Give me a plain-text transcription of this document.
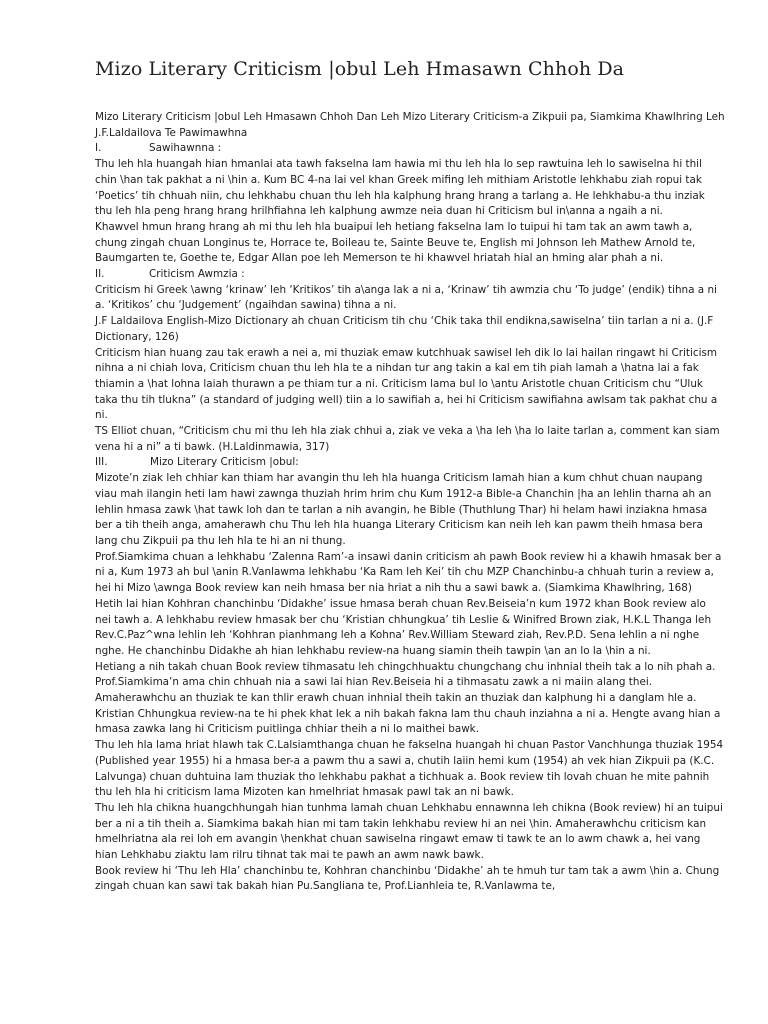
Mizo Literary Criticism |obul Leh Hmasawn Chhoh Da

Mizo Literary Criticism |obul Leh Hmasawn Chhoh Dan Leh Mizo Literary Criticism-a Zikpuii pa, Siamkima Khawlhring Leh J.F.Laldailova Te Pawimawhna

I.	Sawihawnna :

Thu leh hla huangah hian hmanlai ata tawh fakselna lam hawia mi thu leh hla lo sep rawtuina leh lo sawiselna hi thil chin \han tak pakhat a ni \hin a. Kum BC 4-na lai vel khan Greek mifing leh mithiam Aristotle lehkhabu ziah ropui tak ‘Poetics’ tih chhuah niin, chu lehkhabu chuan thu leh hla kalphung hrang hrang a tarlang a. He lehkhabu-a thu inziak thu leh hla peng hrang hrang hrilhfiahna leh kalphung awmze neia duan hi Criticism bul in\anna a ngaih a ni.

Khawvel hmun hrang hrang ah mi thu leh hla buaipui leh hetiang fakselna lam lo tuipui hi tam tak an awm tawh a, chung zingah chuan Longinus te, Horrace te, Boileau te, Sainte Beuve te, English mi Johnson leh Mathew Arnold te, Baumgarten te, Goethe te, Edgar Allan poe leh Memerson te hi khawvel hriatah hial an hming alar phah a ni.

II.	Criticism Awmzia :

Criticism hi Greek \awng ‘krinaw’ leh ‘Kritikos’ tih a\anga lak a ni a, ‘Krinaw’ tih awmzia chu ‘To judge’ (endik) tihna a ni a. ‘Kritikos’ chu ‘Judgement’ (ngaihdan sawina) tihna a ni.

J.F Laldailova English-Mizo Dictionary ah chuan Criticism tih chu ‘Chik taka thil endikna,sawiselna’ tiin tarlan a ni a. (J.F Dictionary, 126)

Criticism hian huang zau tak erawh a nei a, mi thuziak emaw kutchhuak sawisel leh dik lo lai hailan ringawt hi Criticism nihna a ni chiah lova, Criticism chuan thu leh hla te a nihdan tur ang takin a kal em tih piah lamah a \hatna lai a fak thiamin a \hat lohna laiah thurawn a pe thiam tur a ni. Criticism lama bul lo \antu Aristotle chuan Criticism chu “Uluk taka thu tih tlukna” (a standard of judging well) tiin a lo sawifiah a, hei hi Criticism sawifiahna awlsam tak pakhat chu a ni.

TS Elliot chuan, “Criticism chu mi thu leh hla ziak chhui a, ziak ve veka a \ha leh \ha lo laite tarlan a, comment kan siam vena hi a ni” a ti bawk. (H.Laldinmawia, 317)

III.	Mizo Literary Criticism |obul:

Mizote’n ziak leh chhiar kan thiam har avangin thu leh hla huanga Criticism lamah hian a kum chhut chuan naupang viau mah ilangin heti lam hawi zawnga thuziah hrim hrim chu Kum 1912-a Bible-a Chanchin |ha an lehlin tharna ah an lehlin hmasa zawk \hat tawk loh dan te tarlan a nih avangin, he Bible (Thuthlung Thar) hi helam hawi inziakna hmasa ber a tih theih anga, amaherawh chu Thu leh hla huanga Literary Criticism kan neih leh kan pawm theih hmasa bera lang chu Zikpuii pa thu leh hla te hi an ni thung.

Prof.Siamkima chuan a lehkhabu ‘Zalenna Ram’-a insawi danin criticism ah pawh Book review hi a khawih hmasak ber a ni a, Kum 1973 ah bul \anin R.Vanlawma lehkhabu ‘Ka Ram leh Kei’ tih chu MZP Chanchinbu-a chhuah turin a review a, hei hi Mizo \awnga Book review kan neih hmasa ber nia hriat a nih thu a sawi bawk a. (Siamkima Khawlhring, 168)

Hetih lai hian Kohhran chanchinbu ‘Didakhe’ issue hmasa berah chuan Rev.Beiseia’n kum 1972 khan Book review alo nei tawh a. A lehkhabu review hmasak ber chu ‘Kristian chhungkua’ tih Leslie & Winifred Brown ziak, H.K.L Thanga leh Rev.C.Paz^wna lehlin leh ‘Kohhran pianhmang leh a Kohna’ Rev.William Steward ziah, Rev.P.D. Sena lehlin a ni nghe nghe. He chanchinbu Didakhe ah hian lehkhabu review-na huang siamin theih tawpin \an an lo la \hin a ni.

Hetiang a nih takah chuan Book review tihmasatu leh chingchhuaktu chungchang chu inhnial theih tak a lo nih phah a. Prof.Siamkima’n ama chin chhuah nia a sawi lai hian Rev.Beiseia hi a tihmasatu zawk a ni maiin alang thei. Amaherawhchu an thuziak te kan thlir erawh chuan inhnial theih takin an thuziak dan kalphung hi a danglam hle a. Kristian Chhungkua review-na te hi phek khat lek a nih bakah fakna lam thu chauh inziahna a ni a. Hengte avang hian a hmasa zawka lang hi Criticism puitlinga chhiar theih a ni lo maithei bawk.

Thu leh hla lama hriat hlawh tak C.Lalsiamthanga chuan he fakselna huangah hi chuan Pastor Vanchhunga thuziak 1954 (Published year 1955) hi a hmasa ber-a a pawm thu a sawi a, chutih laiin hemi kum (1954) ah vek hian Zikpuii pa (K.C. Lalvunga) chuan duhtuina lam thuziak tho lehkhabu pakhat a tichhuak a. Book review tih lovah chuan he mite pahnih thu leh hla hi criticism lama Mizoten kan hmelhriat hmasak pawl tak an ni bawk.

Thu leh hla chikna huangchhungah hian tunhma lamah chuan Lehkhabu ennawnna leh chikna (Book review) hi an tuipui ber a ni a tih theih a. Siamkima bakah hian mi tam takin lehkhabu review hi an nei \hin. Amaherawhchu criticism kan hmelhriatna ala rei loh em avangin \henkhat chuan sawiselna ringawt emaw ti tawk te an lo awm chawk a, hei vang hian Lehkhabu ziaktu lam rilru tihnat tak mai te pawh an awm nawk bawk.

Book review hi ‘Thu leh Hla’ chanchinbu te, Kohhran chanchinbu ‘Didakhe’ ah te hmuh tur tam tak a awm \hin a. Chung zingah chuan kan sawi tak bakah hian Pu.Sangliana te, Prof.Lianhleia te, R.Vanlawma te,
